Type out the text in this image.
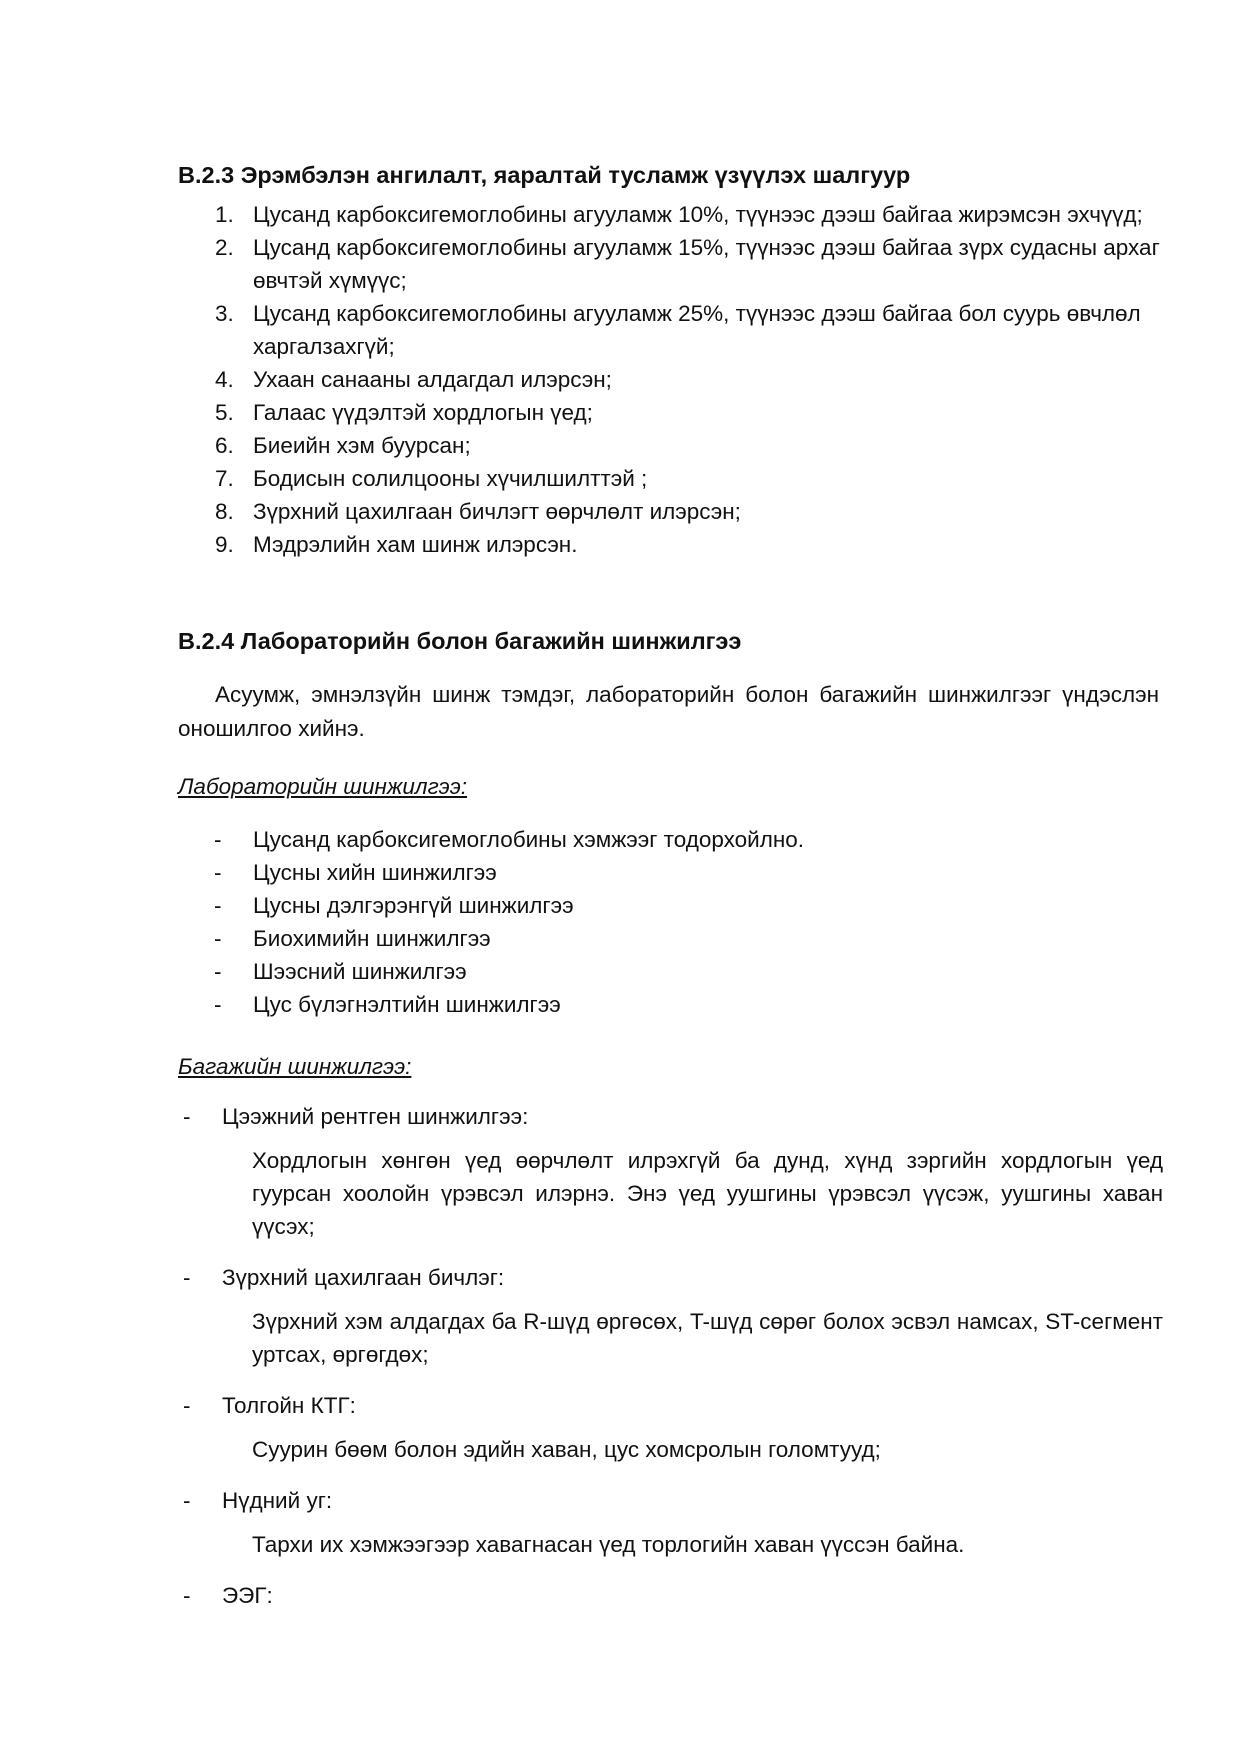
B.2.3 Эрэмбэлэн ангилалт, яаралтай тусламж үзүүлэх шалгуур
1. Цусанд карбоксигемоглобины агууламж 10%, түүнээс дээш байгаа жирэмсэн эхчүүд;
2. Цусанд карбоксигемоглобины агууламж 15%, түүнээс дээш байгаа зүрх судасны архаг өвчтэй хүмүүс;
3. Цусанд карбоксигемоглобины агууламж 25%, түүнээс дээш байгаа бол суурь өвчлөл харгалзахгүй;
4. Ухаан санааны алдагдал илэрсэн;
5. Галаас үүдэлтэй хордлогын үед;
6. Биеийн хэм буурсан;
7. Бодисын солилцооны хүчилшилттэй ;
8. Зүрхний цахилгаан бичлэгт өөрчлөлт илэрсэн;
9. Мэдрэлийн хам шинж илэрсэн.
B.2.4 Лабораторийн болон багажийн шинжилгээ

Асуумж, эмнэлзүйн шинж тэмдэг, лабораторийн болон багажийн шинжилгээг үндэслэн оношилгоо хийнэ.

Лабораторийн шинжилгээ:

- Цусанд карбоксигемоглобины хэмжээг тодорхойлно.
- Цусны хийн шинжилгээ
- Цусны дэлгэрэнгүй шинжилгээ
- Биохимийн шинжилгээ
- Шээсний шинжилгээ
- Цус бүлэгнэлтийн шинжилгээ

Багажийн шинжилгээ:

- Цээжний рентген шинжилгээ:

Хордлогын хөнгөн үед өөрчлөлт илрэхгүй ба дунд, хүнд зэргийн хордлогын үед гуурсан хоолойн үрэвсэл илэрнэ. Энэ үед уушгины үрэвсэл үүсэж, уушгины хаван үүсэх;

- Зүрхний цахилгаан бичлэг:

Зүрхний хэм алдагдах ба R-шүд өргөсөх, T-шүд сөрөг болох эсвэл намсах, ST-сегмент уртсах, өргөгдөх;

- Толгойн КТГ:

Суурин бөөм болон эдийн хаван, цус хомсролын голомтууд;

- Нүдний уг:

Тархи их хэмжээгээр хавагнасан үед торлогийн хаван үүссэн байна.

- ЭЭГ:
